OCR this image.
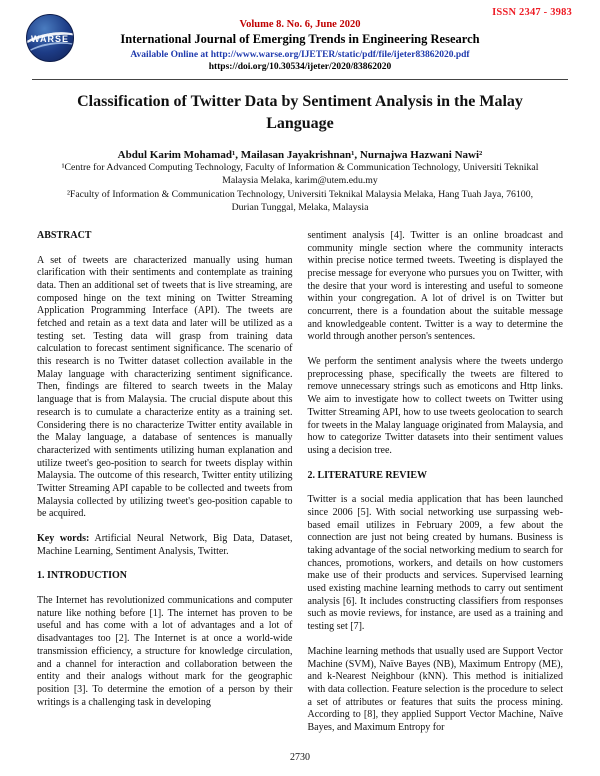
ISSN 2347 - 3983
WARSE
Volume 8. No. 6, June 2020
International Journal of Emerging Trends in Engineering Research
Available Online at http://www.warse.org/IJETER/static/pdf/file/ijeter83862020.pdf
https://doi.org/10.30534/ijeter/2020/83862020
Classification of Twitter Data by Sentiment Analysis in the Malay Language
Abdul Karim Mohamad¹, Mailasan Jayakrishnan¹, Nurnajwa Hazwani Nawi²
¹Centre for Advanced Computing Technology, Faculty of Information & Communication Technology, Universiti Teknikal Malaysia Melaka, karim@utem.edu.my
²Faculty of Information & Communication Technology, Universiti Teknikal Malaysia Melaka, Hang Tuah Jaya, 76100, Durian Tunggal, Melaka, Malaysia
ABSTRACT

A set of tweets are characterized manually using human clarification with their sentiments and contemplate as training data. Then an additional set of tweets that is live streaming, are composed hinge on the text mining on Twitter Streaming Application Programming Interface (API). The tweets are fetched and retain as a text data and later will be utilized as a testing set. Testing data will grasp from training data calculation to forecast sentiment significance. The scenario of this research is no Twitter dataset collection available in the Malay language with characterizing sentiment significance. Then, findings are filtered to search tweets in the Malay language that is from Malaysia. The crucial dispute about this research is to cumulate a characterize entity as a training set. Considering there is no characterize Twitter entity available in the Malay language, a database of sentences is manually characterized with sentiments utilizing human explanation and utilize tweet's geo-position to search for tweets display within Malaysia. The outcome of this research, Twitter entity utilizing Twitter Streaming API capable to be collected and tweets from Malaysia collected by utilizing tweet's geo-position capable to be acquired.

Key words: Artificial Neural Network, Big Data, Dataset, Machine Learning, Sentiment Analysis, Twitter.

1. INTRODUCTION

The Internet has revolutionized communications and computer nature like nothing before [1]. The internet has proven to be useful and has come with a lot of advantages and a lot of disadvantages too [2]. The Internet is at once a world-wide transmission efficiency, a structure for knowledge circulation, and a channel for interaction and collaboration between the entity and their analogs without mark for the geographic position [3]. To determine the emotion of a person by their writings is a challenging task in developing

sentiment analysis [4]. Twitter is an online broadcast and community mingle section where the community interacts within precise notice termed tweets. Tweeting is displayed the precise message for everyone who pursues you on Twitter, with the desire that your word is interesting and useful to someone within your congregation. A lot of drivel is on Twitter but concurrent, there is a foundation about the suitable message and knowledgeable content. Twitter is a way to determine the world through another person's sentences.

We perform the sentiment analysis where the tweets undergo preprocessing phase, specifically the tweets are filtered to remove unnecessary strings such as emoticons and Http links. We aim to investigate how to collect tweets on Twitter using Twitter Streaming API, how to use tweets geolocation to search for tweets in the Malay language originated from Malaysia, and how to categorize Twitter datasets into their sentiment values using a decision tree.

2. LITERATURE REVIEW

Twitter is a social media application that has been launched since 2006 [5]. With social networking use surpassing web-based email utilizes in February 2009, a few about the connection are just not being created by humans. Business is taking advantage of the social networking medium to search for chances, promotions, workers, and details on how customers make use of their products and services. Supervised learning used existing machine learning methods to carry out sentiment analysis [6]. It includes constructing classifiers from responses such as movie reviews, for instance, are used as a training and testing set [7].

Machine learning methods that usually used are Support Vector Machine (SVM), Naïve Bayes (NB), Maximum Entropy (ME), and k-Nearest Neighbour (kNN). This method is initialized with data collection. Feature selection is the procedure to select a set of attributes or features that suits the process mining. According to [8], they applied Support Vector Machine, Naïve Bayes, and Maximum Entropy for

2730
